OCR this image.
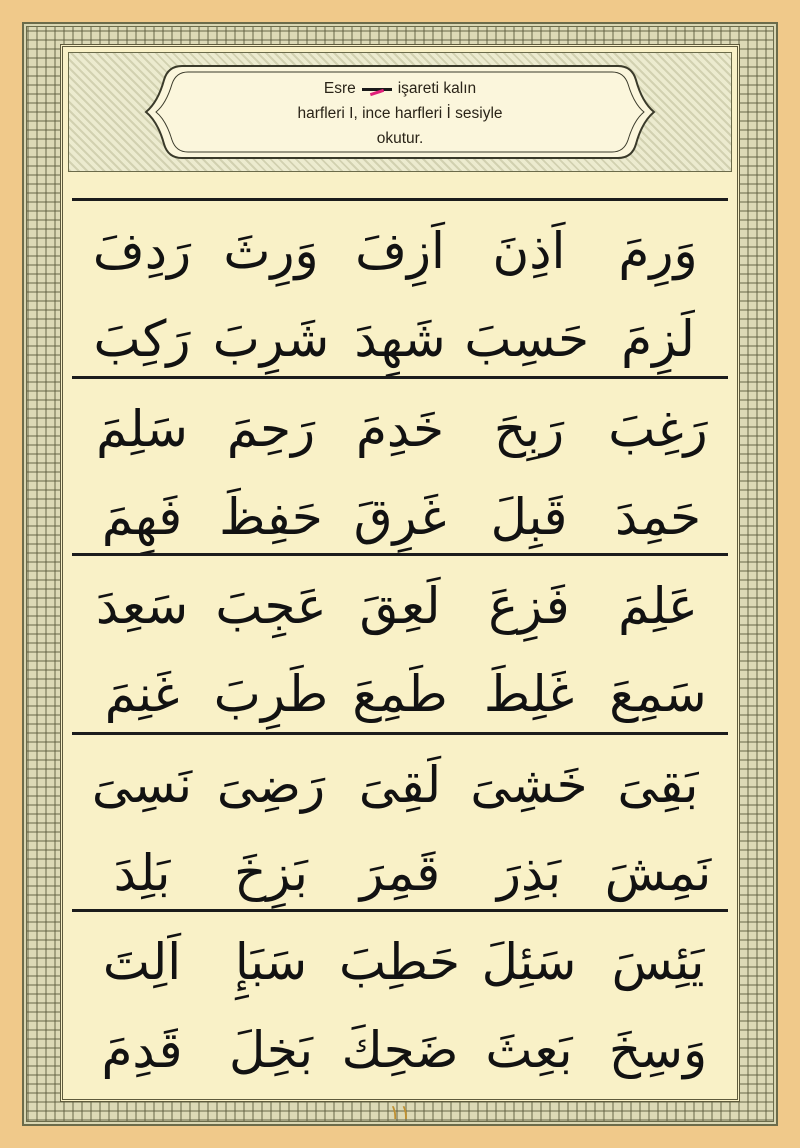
Esre	işareti kalın
harfleri I, ince harfleri İ sesiyle
okutur.
وَرِمَ
اَذِنَ
اَزِفَ
وَرِثَ
رَدِفَ
لَزِمَ
حَسِبَ
شَهِدَ
شَرِبَ
رَكِبَ
رَغِبَ
رَبِحَ
خَدِمَ
رَحِمَ
سَلِمَ
حَمِدَ
قَبِلَ
غَرِقَ
حَفِظَ
فَهِمَ
عَلِمَ
فَزِعَ
لَعِقَ
عَجِبَ
سَعِدَ
سَمِعَ
غَلِطَ
طَمِعَ
طَرِبَ
غَنِمَ
بَقِىَ
خَشِىَ
لَقِىَ
رَضِىَ
نَسِىَ
نَمِشَ
بَذِرَ
قَمِرَ
بَزِخَ
بَلِدَ
يَئِسَ
سَئِلَ
حَطِبَ
سَبَإِ
اَلِتَ
وَسِخَ
بَعِثَ
ضَحِكَ
بَخِلَ
قَدِمَ
١١
